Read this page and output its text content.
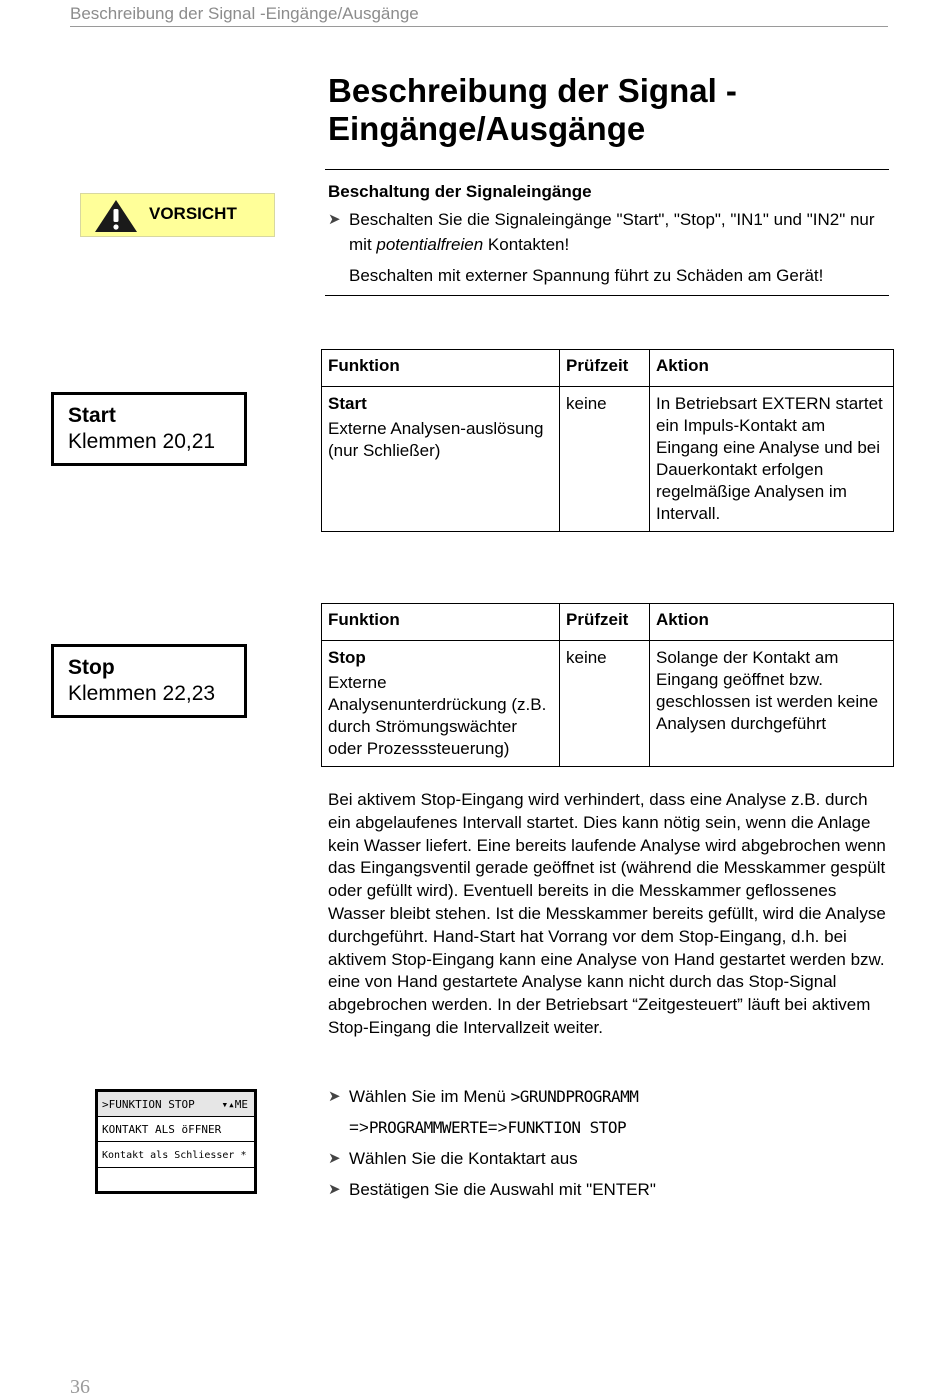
Beschreibung der Signal -Eingänge/Ausgänge
Beschreibung der Signal -
Eingänge/Ausgänge
VORSICHT
Beschaltung der Signaleingänge
➤ Beschalten Sie die Signaleingänge "Start", "Stop", "IN1" und "IN2" nur mit potentialfreien Kontakten!
Beschalten mit externer Spannung führt zu Schäden am Gerät!
Start
Klemmen 20,21
Funktion	Prüfzeit	Aktion

Start
Externe Analysen-auslösung (nur Schließer)	keine	In Betriebsart EXTERN startet ein Impuls-Kontakt am Eingang eine Analyse und bei Dauerkontakt erfolgen regelmäßige Analysen im Intervall.
Stop
Klemmen 22,23
Funktion	Prüfzeit	Aktion

Stop
Externe Analysenunterdrückung (z.B. durch Strömungswächter oder Prozesssteuerung)	keine	Solange der Kontakt am Eingang geöffnet bzw. geschlossen ist werden keine Analysen durchgeführt

Bei aktivem Stop-Eingang wird verhindert, dass eine Analyse z.B. durch ein abgelaufenes Intervall startet. Dies kann nötig sein, wenn die Anlage kein Wasser liefert. Eine bereits laufende Analyse wird abgebrochen wenn das Eingangsventil gerade geöffnet ist (während die Messkammer gespült oder gefüllt wird). Eventuell bereits in die Messkammer geflossenes Wasser bleibt stehen. Ist die Messkammer bereits gefüllt, wird die Analyse durchgeführt. Hand-Start hat Vorrang vor dem Stop-Eingang, d.h. bei aktivem Stop-Eingang kann eine Analyse von Hand gestartet werden bzw. eine von Hand gestartete Analyse kann nicht durch das Stop-Signal abgebrochen werden. In der Betriebsart “Zeitgesteuert” läuft bei aktivem Stop-Eingang die Intervallzeit weiter.

>FUNKTION STOP ▾▴ME
KONTAKT ALS öFFNER
Kontakt als Schliesser *
➤ Wählen Sie im Menü >GRUNDPROGRAMM
=>PROGRAMMWERTE=>FUNKTION STOP
➤ Wählen Sie die Kontaktart aus
➤ Bestätigen Sie die Auswahl mit "ENTER"
36
